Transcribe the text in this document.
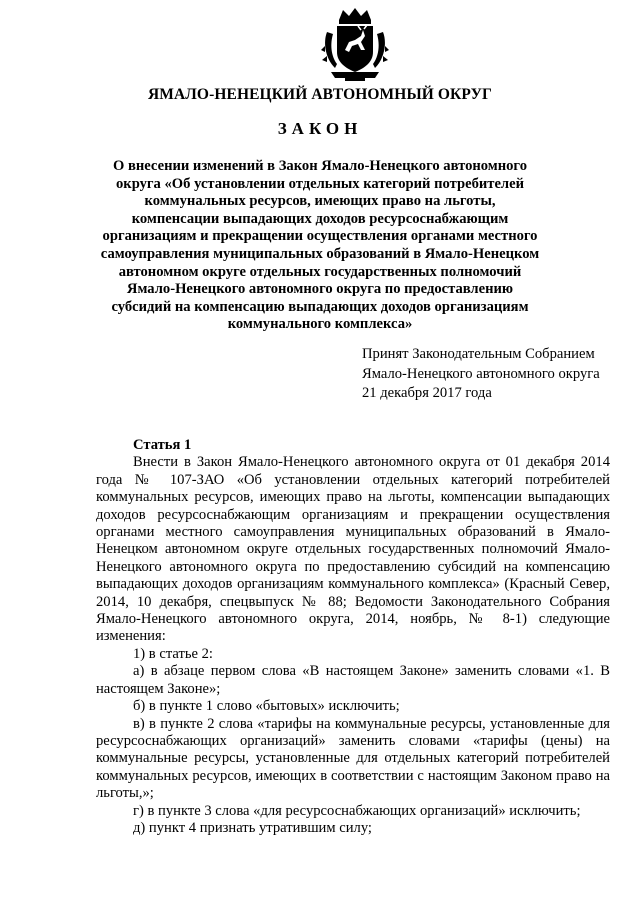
ЯМАЛО-НЕНЕЦКИЙ АВТОНОМНЫЙ ОКРУГ
ЗАКОН
О внесении изменений в Закон Ямало-Ненецкого автономного округа «Об установлении отдельных категорий потребителей коммунальных ресурсов, имеющих право на льготы, компенсации выпадающих доходов ресурсоснабжающим организациям и прекращении осуществления органами местного самоуправления муниципальных образований в Ямало-Ненецком автономном округе отдельных государственных полномочий Ямало-Ненецкого автономного округа по предоставлению субсидий на компенсацию выпадающих доходов организациям коммунального комплекса»
Принят Законодательным Собранием
Ямало-Ненецкого автономного округа
21 декабря 2017 года

Статья 1

Внести в Закон Ямало-Ненецкого автономного округа от 01 декабря 2014 года № 107-ЗАО «Об установлении отдельных категорий потребителей коммунальных ресурсов, имеющих право на льготы, компенсации выпадающих доходов ресурсоснабжающим организациям и прекращении осуществления органами местного самоуправления муниципальных образований в Ямало-Ненецком автономном округе отдельных государственных полномочий Ямало-Ненецкого автономного округа по предоставлению субсидий на компенсацию выпадающих доходов организациям коммунального комплекса» (Красный Север, 2014, 10 декабря, спецвыпуск № 88; Ведомости Законодательного Собрания Ямало-Ненецкого автономного округа, 2014, ноябрь, № 8-1) следующие изменения:

1) в статье 2:

а) в абзаце первом слова «В настоящем Законе» заменить словами «1. В настоящем Законе»;

б) в пункте 1 слово «бытовых» исключить;

в) в пункте 2 слова «тарифы на коммунальные ресурсы, установленные для ресурсоснабжающих организаций» заменить словами «тарифы (цены) на коммунальные ресурсы, установленные для отдельных категорий потребителей коммунальных ресурсов, имеющих в соответствии с настоящим Законом право на льготы,»;

г) в пункте 3 слова «для ресурсоснабжающих организаций» исключить;

д) пункт 4 признать утратившим силу;
